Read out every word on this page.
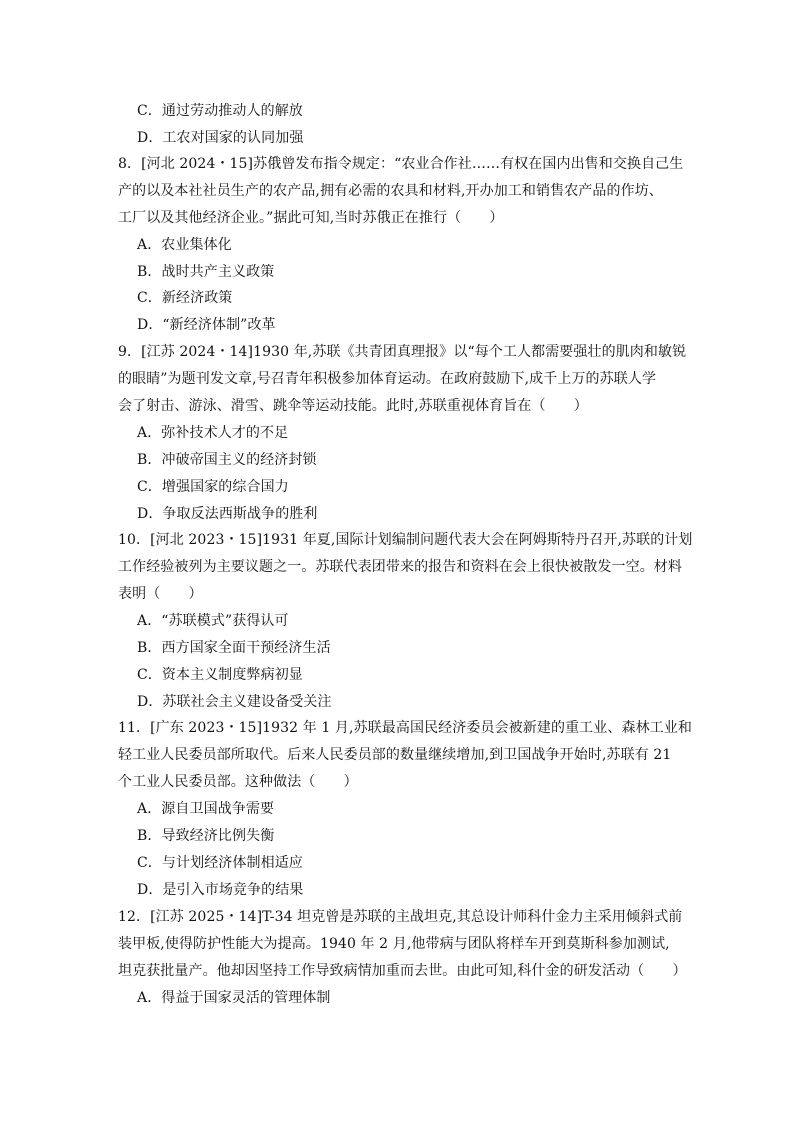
C．通过劳动推动人的解放
D．工农对国家的认同加强
8．[河北 2024・15]苏俄曾发布指令规定：“农业合作社……有权在国内出售和交换自己生
产的以及本社社员生产的农产品,拥有必需的农具和材料,开办加工和销售农产品的作坊、
工厂以及其他经济企业。”据此可知,当时苏俄正在推行（　　）
A．农业集体化
B．战时共产主义政策
C．新经济政策
D．“新经济体制”改革
9．[江苏 2024・14]1930 年,苏联《共青团真理报》以“每个工人都需要强壮的肌肉和敏锐
的眼睛”为题刊发文章,号召青年积极参加体育运动。在政府鼓励下,成千上万的苏联人学
会了射击、游泳、滑雪、跳伞等运动技能。此时,苏联重视体育旨在（　　）
A．弥补技术人才的不足
B．冲破帝国主义的经济封锁
C．增强国家的综合国力
D．争取反法西斯战争的胜利
10．[河北 2023・15]1931 年夏,国际计划编制问题代表大会在阿姆斯特丹召开,苏联的计划
工作经验被列为主要议题之一。苏联代表团带来的报告和资料在会上很快被散发一空。材料
表明（　　）
A．“苏联模式”获得认可
B．西方国家全面干预经济生活
C．资本主义制度弊病初显
D．苏联社会主义建设备受关注
11．[广东 2023・15]1932 年 1 月,苏联最高国民经济委员会被新建的重工业、森林工业和
轻工业人民委员部所取代。后来人民委员部的数量继续增加,到卫国战争开始时,苏联有 21
个工业人民委员部。这种做法（　　）
A．源自卫国战争需要
B．导致经济比例失衡
C．与计划经济体制相适应
D．是引入市场竞争的结果
12．[江苏 2025・14]T-34 坦克曾是苏联的主战坦克,其总设计师科什金力主采用倾斜式前
装甲板,使得防护性能大为提高。1940 年 2 月,他带病与团队将样车开到莫斯科参加测试,
坦克获批量产。他却因坚持工作导致病情加重而去世。由此可知,科什金的研发活动（　　）
A．得益于国家灵活的管理体制
